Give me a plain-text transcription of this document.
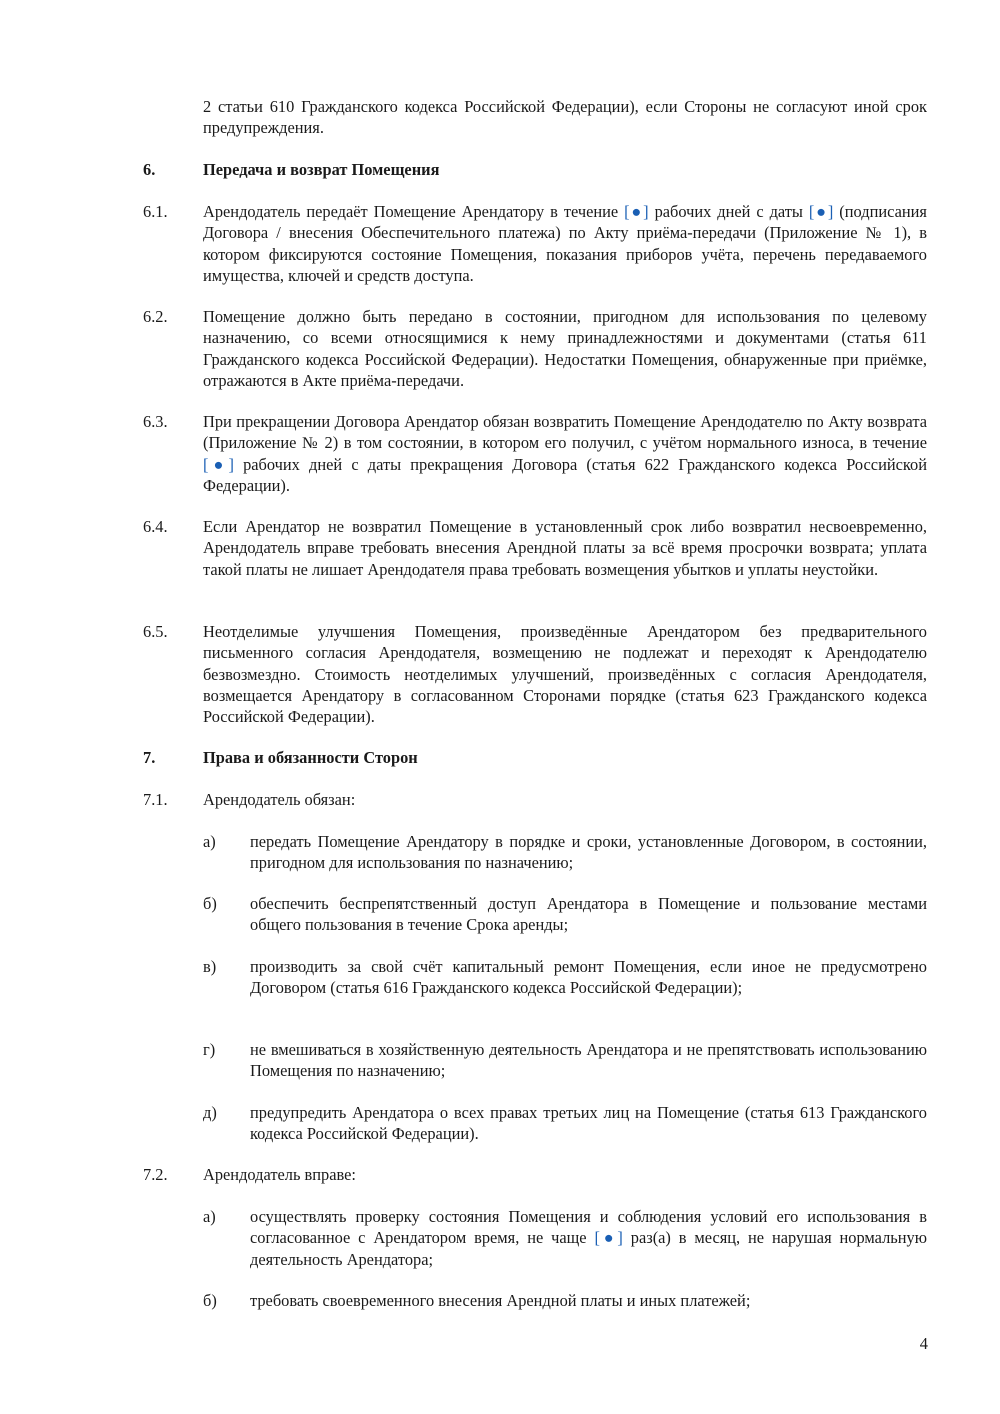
2 статьи 610 Гражданского кодекса Российской Федерации), если Стороны не согласуют иной срок предупреждения.
6.	Передача и возврат Помещения
6.1.	Арендодатель передаёт Помещение Арендатору в течение [●] рабочих дней с даты [●] (подписания Договора / внесения Обеспечительного платежа) по Акту приёма-передачи (Приложение № 1), в котором фиксируются состояние Помещения, показания приборов учёта, перечень передаваемого имущества, ключей и средств доступа.
6.2.	Помещение должно быть передано в состоянии, пригодном для использования по целевому назначению, со всеми относящимися к нему принадлежностями и документами (статья 611 Гражданского кодекса Российской Федерации). Недостатки Помещения, обнаруженные при приёмке, отражаются в Акте приёма-передачи.
6.3.	При прекращении Договора Арендатор обязан возвратить Помещение Арендодателю по Акту возврата (Приложение № 2) в том состоянии, в котором его получил, с учётом нормального износа, в течение [●] рабочих дней с даты прекращения Договора (статья 622 Гражданского кодекса Российской Федерации).
6.4.	Если Арендатор не возвратил Помещение в установленный срок либо возвратил несвоевременно, Арендодатель вправе требовать внесения Арендной платы за всё время просрочки возврата; уплата такой платы не лишает Арендодателя права требовать возмещения убытков и уплаты неустойки.
6.5.	Неотделимые улучшения Помещения, произведённые Арендатором без предварительного письменного согласия Арендодателя, возмещению не подлежат и переходят к Арендодателю безвозмездно. Стоимость неотделимых улучшений, произведённых с согласия Арендодателя, возмещается Арендатору в согласованном Сторонами порядке (статья 623 Гражданского кодекса Российской Федерации).
7.	Права и обязанности Сторон
7.1.	Арендодатель обязан:
а)	передать Помещение Арендатору в порядке и сроки, установленные Договором, в состоянии, пригодном для использования по назначению;
б)	обеспечить беспрепятственный доступ Арендатора в Помещение и пользование местами общего пользования в течение Срока аренды;
в)	производить за свой счёт капитальный ремонт Помещения, если иное не предусмотрено Договором (статья 616 Гражданского кодекса Российской Федерации);
г)	не вмешиваться в хозяйственную деятельность Арендатора и не препятствовать использованию Помещения по назначению;
д)	предупредить Арендатора о всех правах третьих лиц на Помещение (статья 613 Гражданского кодекса Российской Федерации).
7.2.	Арендодатель вправе:
а)	осуществлять проверку состояния Помещения и соблюдения условий его использования в согласованное с Арендатором время, не чаще [●] раз(а) в месяц, не нарушая нормальную деятельность Арендатора;
б)	требовать своевременного внесения Арендной платы и иных платежей;
4
